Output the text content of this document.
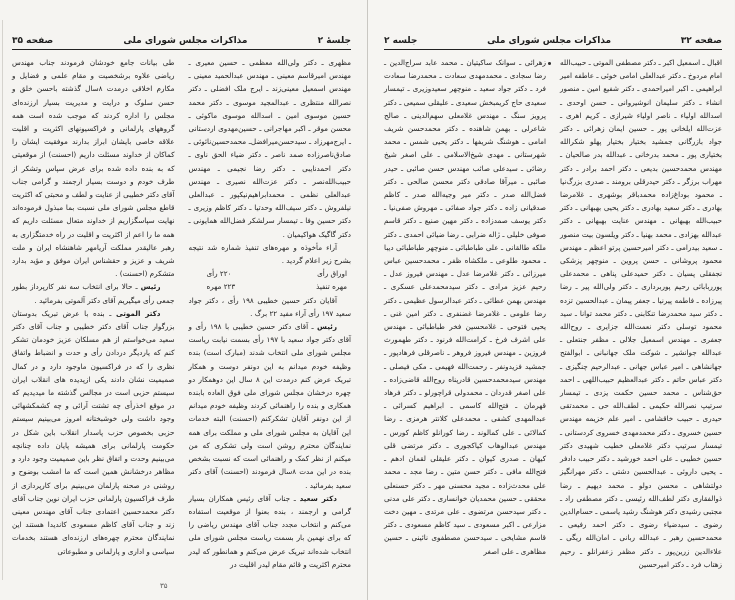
جلسهٔ ۲
مذاکرات مجلس شورای ملی
صفحه ۳۵

مظهری ـ دکتر ولی‌الله معظمی ـ حسین معیری ـ مهندس امیرقاسم معینی ـ مهندس عبدالحمید معینی ـ مهندس اسمعیل معینی‌زند ـ ایرج ملک افضلی ـ دکتر نصرالله منتظری ـ عبدالمجید موسوی ـ دکتر محمد حسین موسوی امین ـ اسدالله موسوی ماکوئی ـ محسن موقر ـ اکبر مهاجرانی ـ حسین‌مهدوی اردستانی ـ ایرج‌مهرزاد ـ سیدحسن‌میرافضل‌ـ محمدحسین‌نائوئی ـ صادق‌ناصرزاده صمد ناصر ـ دکتر ضیاء الحق ناوی ـ دکتر احمدنایبی ـ دکتر رضا نجیمی ـ مهندس حبیب‌الله‌نصر ـ دکتر عزت‌الله نصیری ـ مهندس عبدالعلی نظمی ـ محمدابراهیم‌نیکپور ـ عبدالعلی نیلفروش ـ دکتر سیف‌الله وحدتیا ـ دکتر کاظم وزیری ـ دکتر حسین وفا ـ تیمسار سرلشکر فضل‌الله همایونی ـ دکتر گاگیک هواکیمیان .

آراء مأخوذه و مهره‌های تنفیذ شماره شد نتیجه بشرح زیر اعلام گردید .

اوراق رأی
۲۲۰ رأی
مهره تنفیذ
۲۲۳ مهره

آقایان دکتر حسین خطیبی ۱۹۸ رأی ، دکتر جواد سعید ۱۹۷ رأی آراء مفید ۲۲ برگ .

رئیس ـ آقای دکتر حسین خطیبی با ۱۹۸ رأی و آقای دکتر جواد سعید با ۱۹۷ رأی بسمت نیابت ریاست مجلس شورای ملی انتخاب شدند (مبارک است) بنده وظیفه خودم میدانم به این دونفر دوست و همکار تبریک عرض کنم درمدت این ۸ سال این دوهمکار دو چهره درخشان مجلس شورای ملی فوق العاده بابنده همکاری و بنده را راهنمائی کردند وظیفه خودم میدانم از این دونفر آقایان تشکرکنم (احسنت) البته خدمات این آقایان به مجلس شورای ملی و مملکت برای همه نمایندگان محترم روشن است ولی تشکری که من میکنم از نظر کمک و راهنمائی است که نسبت بشخص بنده در این مدت ۸سال فرمودند (احسنت) آقای دکتر سعید بفرمائید .

دکتر سعید ـ جناب آقای رئیس همکاران بسیار گرامی و ارجمند ، بنده بعنوا از موقعیت استفاده می‌کنم و انتخاب مجدد جناب آقای مهندس ریاضی را که برای نهمین بار بسمت ریاست مجلس شورای ملی انتخاب شده‌اند تبریک عرض می‌کنم و همانطور که لیدر محترم اکثریت و قائم مقام لیدر اقلیت در

طی بیانات جامع خودشان فرمودند جناب مهندس ریاضی علاوه برشخصیت و مقام علمی و فضایل و مکارم اخلاقی درمدت ۸سال گذشته باحسن خلق و حسن سلوک و درایت و مدیریت بسیار ارزنده‌ای مجلس را اداره کردند که موجب شده است همه گروههای پارلمانی و فراکسیونهای اکثریت و اقلیت علاقه خاصی بایشان ابراز بدارند موفقیت ایشان را کماکان از خداوند مسئلت داریم (احسنت) از موقعیتی که به بنده داده شده برای عرض سپاس وتشکر از طرف خودم و دوست بسیار ارجمند و گرامی جناب آقای دکتر خطیبی از عنایت و لطف و محبتی که اکثریت قاطع مجلس شورای ملی نسبت بما مبذول فرموده‌اند نهایت سپاسگزاریم از خداوند متعال مسئلت داریم که همه ما را اعم از اکثریت و اقلیت در راه خدمتگزاری به رهبر عالیقدر مملکت آریامهر شاهنشاه ایران و ملت شریف و عزیز و حقشناس ایران موفق و مؤید بدارد متشکرم (احسنت) .

رئیس ـ حالا برای انتخاب سه نفر کارپرداز بطور جمعی رأی میگیریم آقای دکتر آلموتی بفرمائید .

دکتر الموتی ـ بنده با عرض تبریک بدوستان بزرگوار جناب آقای دکتر خطیبی و جناب آقای دکتر سعید می‌خواستم از هم مسلکان عزیز خودمان تشکر کنم که یاردیگر دردادن رأی و حدت و انضباط واتفاق نظری را که در فراکسیون ماوجود دارد و در کمال صمیمیت نشان دادند یکی ازپدیده های انقلاب ایران سیستم حزبی است در مجالس گذشته ما میدیدیم که در موقع اخذرأی چه تشتت آرائی و چه کشمکشهائی وجود داشت ولی خوشبختانه امروز می‌بینیم سیستم حزبی بخصوص حزب پاسدار انقلاب باین شکل در حکومت پارلمانی برای همیشه پایان داده چنانچه می‌بینیم وحدت و اتفاق نظر باین صمیمیت وجود دارد و مظاهر درخشانش همین است که ما امشب بوضوح و روشنی در صحنه پارلمان می‌بینیم برای کارپردازی از طرف فراکسیون پارلمانی حزب ایران نوین جناب آقای دکتر محمدحسین اعتمادی جناب آقای مهندس معینی زند و جناب آقای کاظم مسعودی کاندیدا هستند این نمایندگان محترم چهره‌های ارزنده‌ای هستند بخدمات سیاسی و اداری و پارلمانی و مطبوعاتی

۳۵
صفحه ۳۲
مذاکرات مجلس شورای ملی
جلسه ۲

اقبال ـ اسمعیل اکبر ـ دکتر مصطفی الموتی ـ حبیب‌الله امام مردوخ ـ دکتر عبدالعلی امامی خوئی ـ عاطفه امیر ابراهیمی ـ اکبر امیراحمدی ـ دکتر شفیع امین ـ منصور انشاء ـ دکتر سلیمان انوشیروانی ـ حسن اوحدی ـ اسدالله اولیاء ـ ناصر اولیاء شیرازی ـ کریم اهری ـ عزت‌الله ایلخانی پور ـ حسین ایمان زهرائی ـ دکتر جواد بازرگانی جمشید بختیار بختیار پهلو شکرالله بختیاری پور ـ محمد بدرخانی ـ عبدالله بدر صالحیان ـ مهندس محمدحسین بدیعی ـ دکتر احمد برادر ـ دکتر مهراب برزگر ـ دکتر حیدرقلی برومند ـ صدری بزرگ‌نیا ـ محمود بوداغ‌زاده محمدباقر بوشهری ـ غلامرضا بهادری ـ دکتر سعید بهادری ـ دکتر یحیی بهبهانی ـ دکتر حبیب‌الله بهبهانی ـ مهندس عنایت بهبهانی ـ دکتر عبدالله بهزادی ـ محمد بهنیا ـ دکتر ویلسون بیت منصور ـ سعید بیدرامی ـ دکتر امیرحسین پرتو اعظم ـ مهندس محمود پروشانی ـ حسن پروین ـ منوچهر پزشکی نجفقلی پسیان ـ دکتر حمیدعلی پناهی ـ محمدعلی پورربابائی رحیم پوربرداری ـ دکتر ولی‌الله پیر ـ رضا پیرزاده ـ فاطمه پیرنیا ـ جعفر پیمان ـ عبدالحسین تزده ـ دکتر سید محمدرضا تنکابنی ـ دکتر محمد توانا ـ سید محمود توسلی دکتر نعمت‌الله جزایری ـ روح‌الله جعفری ـ مهندس اسمعیل جلالی ـ مظفر جنتعلی ـ عبدالله جوانشیر ـ شوکت ملک جهانبانی ـ ابوالفتح جهانشاهی ـ امیر عباس جهانی ـ عبدالرحیم چنگیزی ـ دکتر عباس حاتم ـ دکتر عبدالعظیم حبیب‌اللهی ـ احمد حق‌شناس ـ محمد حسین حکمت یزدی ـ تیمسار سرتیپ نصرالله حکیمی ـ لطف‌الله حی ـ محمدتقی حیدری ـ حبیب خاقشامی ـ امیر علم خزیمه مهندس حسین خسروی ـ دکتر محمدمهدی خسروی کردستانی ـ تیمسار سرتیپ دکتر غلامعلی خطیب شهیدی دکتر حسین خطیبی ـ علی احمد خورشید ـ دکتر حبیب دادفر ـ یحیی داروئی ـ عبدالحسین دشتی ـ دکتر مهرانگیز دولتشاهی ـ محسن دولو ـ محمد دیهیم ـ رضا ذوالفقاری دکتر لطف‌الله رئیسی ـ دکتر مصطفی راد ـ مجتبی رشیدی دکتر هوشنگ رشید یاسمی ـ حسام‌الدین رضوی ـ سیدضیاء رضوی ـ دکتر احمد رفیعی ـ محمدحسین رهبر ـ عبدالله ربانی ـ امان‌الله ریگی ـ علاءالدین زرین‌پور ـ دکتر مظفر زعفرانلو ـ رحیم زهتاب فرد ـ دکتر امیرحسین

زهرائی ـ سوانک ساکیتیان ـ محمد عابد سراج‌الدین ـ رضا سجادی ـ محمدمهدی سعادت ـ محمدرضا سعادت فرد ـ دکتر جواد سعید ـ منوچهر سعیدوزیری ـ تیمسار سعیدی حاج کریمبخش سعیدی ـ علیقلی سمیعی ـ دکتر پرویز سنگ ـ مهندس غلامعلی سهم‌الدینی ـ صالح شاعرلی ـ بهمن شاهنده ـ دکتر محمدحسن شریف امامی ـ هوشنگ شریفها ـ دکتر یحیی شمس ـ محمد شهرستانی ـ مهدی شیخ‌الاسلامی ـ علی اصغر شیخ رضائی ـ سیدعلی صائب مهندس حسن صائبی ـ حیدر صائبی ـ میرآقا صادقی دکتر محسن صالحی ـ دکتر فضل‌الله صدر ـ دکتر میر وجیه‌الله صدر ـ کاظم صدقیانی زاده ـ دکتر جواد صفائی ـ مهروش صفی‌نیا ـ دکتر یوسف صمدزاده ـ دکتر مهین صنیع ـ دکتر قاسم صوفی خلیلی ـ ژاله ضرابی ـ رضا ضیائی احمدی ـ دکتر ملکه طالقانی ـ علی طباطبائی ـ منوچهر طباطبائی دیبا ـ محمود طلوعی ـ ملکشاه ظفر ـ محمدحسین عباس میرزائی ـ دکتر غلامرضا عدل ـ مهندس فیروز عدل ـ رحیم عزیز مرادی ـ دکتر سیدمحمدعلی عسکری ـ مهندس بهمن عطائی ـ دکتر عبدالرسول عظیمی ـ دکتر رضا علومی ـ غلامرضا غضنفری ـ دکتر امین غنی ـ یحیی فتوحی ـ غلامحسین فخر طباطبائی ـ مهندس علی اشرف فرخ ـ کرامت‌الله فرنود ـ دکتر طهمورث فروزین ـ مهندس فیروز فروهر ـ ناصرقلی فرهادپور ـ جمشید فزیدونفر ـ رحمت‌الله فهیمی ـ مکی فیصلی ـ مهندس سیدمحمدحسین قادرپناه روح‌الله قاضی‌زاده ـ علی اصغر قدردان ـ محمدولی قراچورلو ـ دکتر فرهاد قهرمان ـ فتح‌الله کاسمی ـ ابراهیم کسرائی ـ عبدالمهدی کشفی ـ محمدعلی کلانتر هرمزی ـ رضا کمالائی ـ علی کمالوند ـ رضا کورانلو کاظم کورس ـ مهندس عبدالوهاب کیاکجوری ـ دکتر مرتضی قلی کیهان ـ صدری کیوان ـ دکتر علیقلی لقمان ادهم ـ فتح‌الله مافی ـ دکتر حسن متین ـ رضا مجد ـ محمد علی محدث‌زاده ـ مجید محسنی مهر ـ دکتر حسنعلی محققی ـ حسین محمدیان خوانساری ـ دکتر علی مدنی ـ دکتر سیدحسن مرتضوی ـ علی مرتدی ـ مهین دخت مزارعی ـ اکبر مسعودی ـ سید کاظم مسعودی ـ دکتر قاسم مشایخی ـ سیدحسن مصطفوی نائینی ـ حسین مظاهری ـ علی اصغر
